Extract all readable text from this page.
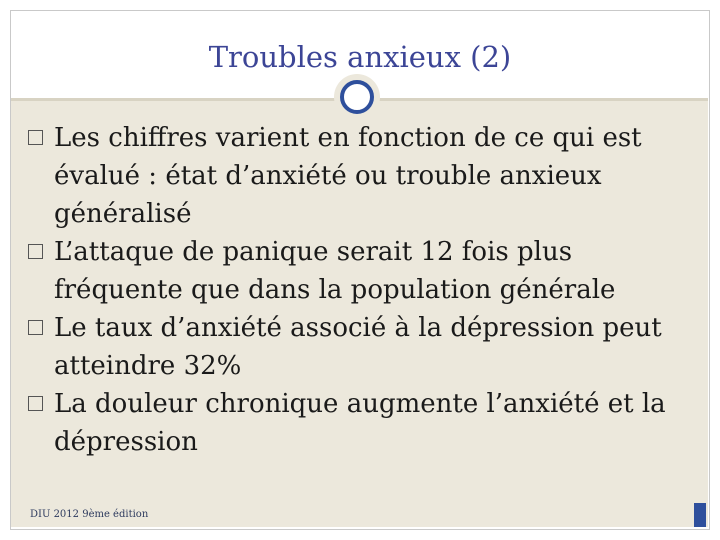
Troubles anxieux (2)
Les chiffres varient en fonction de ce qui est évalué : état d’anxiété ou trouble anxieux généralisé
L’attaque de panique serait 12 fois plus fréquente que dans la population générale
Le taux d’anxiété associé à la dépression peut atteindre 32%
La douleur chronique augmente l’anxiété et la dépression
DIU 2012 9ème édition
